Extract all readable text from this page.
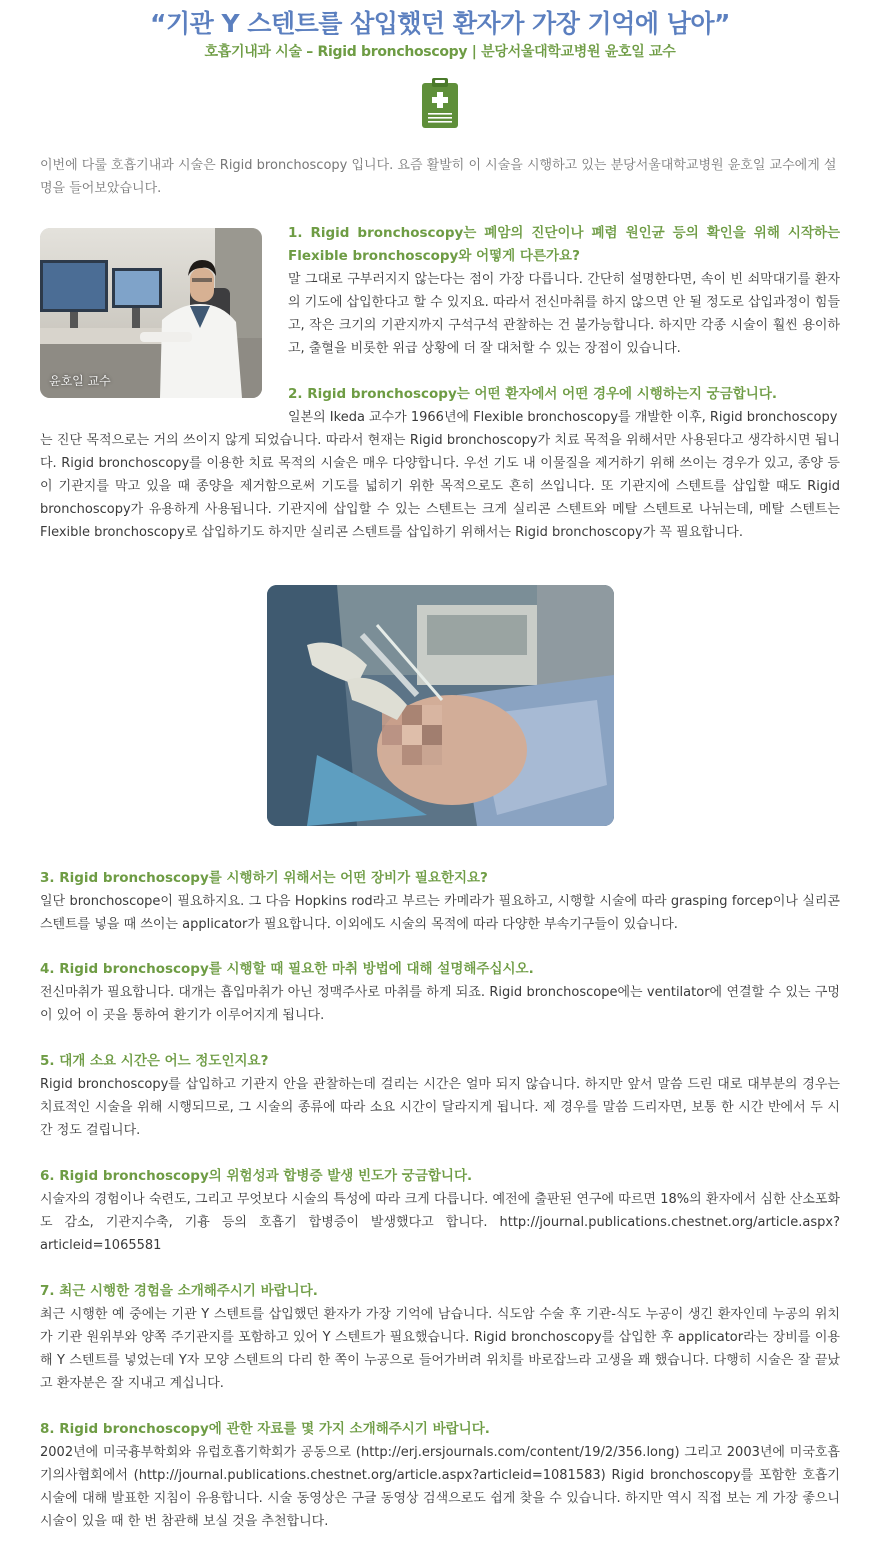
“기관 Y 스텐트를 삽입했던 환자가 가장 기억에 남아”
호흡기내과 시술 – Rigid bronchoscopy | 분당서울대학교병원 윤호일 교수
이번에 다룰 호흡기내과 시술은 Rigid bronchoscopy 입니다. 요즘 활발히 이 시술을 시행하고 있는 분당서울대학교병원 윤호일 교수에게 설명을 들어보았습니다.
윤호일 교수

1. Rigid bronchoscopy는 폐암의 진단이나 폐렴 원인균 등의 확인을 위해 시작하는 Flexible bronchoscopy와 어떻게 다른가요?

말 그대로 구부러지지 않는다는 점이 가장 다릅니다. 간단히 설명한다면, 속이 빈 쇠막대기를 환자의 기도에 삽입한다고 할 수 있지요. 따라서 전신마취를 하지 않으면 안 될 정도로 삽입과정이 힘들고, 작은 크기의 기관지까지 구석구석 관찰하는 건 불가능합니다. 하지만 각종 시술이 훨씬 용이하고, 출혈을 비롯한 위급 상황에 더 잘 대처할 수 있는 장점이 있습니다.

2. Rigid bronchoscopy는 어떤 환자에서 어떤 경우에 시행하는지 궁금합니다.

일본의 Ikeda 교수가 1966년에 Flexible bronchoscopy를 개발한 이후, Rigid bronchoscopy

는 진단 목적으로는 거의 쓰이지 않게 되었습니다. 따라서 현재는 Rigid bronchoscopy가 치료 목적을 위해서만 사용된다고 생각하시면 됩니다. Rigid bronchoscopy를 이용한 치료 목적의 시술은 매우 다양합니다. 우선 기도 내 이물질을 제거하기 위해 쓰이는 경우가 있고, 종양 등이 기관지를 막고 있을 때 종양을 제거함으로써 기도를 넓히기 위한 목적으로도 흔히 쓰입니다. 또 기관지에 스텐트를 삽입할 때도 Rigid bronchoscopy가 유용하게 사용됩니다. 기관지에 삽입할 수 있는 스텐트는 크게 실리콘 스텐트와 메탈 스텐트로 나뉘는데, 메탈 스텐트는 Flexible bronchoscopy로 삽입하기도 하지만 실리콘 스텐트를 삽입하기 위해서는 Rigid bronchoscopy가 꼭 필요합니다.

3. Rigid bronchoscopy를 시행하기 위해서는 어떤 장비가 필요한지요?

일단 bronchoscope이 필요하지요. 그 다음 Hopkins rod라고 부르는 카메라가 필요하고, 시행할 시술에 따라 grasping forcep이나 실리콘 스텐트를 넣을 때 쓰이는 applicator가 필요합니다. 이외에도 시술의 목적에 따라 다양한 부속기구들이 있습니다.

4. Rigid bronchoscopy를 시행할 때 필요한 마취 방법에 대해 설명해주십시오.

전신마취가 필요합니다. 대개는 흡입마취가 아닌 정맥주사로 마취를 하게 되죠. Rigid bronchoscope에는 ventilator에 연결할 수 있는 구멍이 있어 이 곳을 통하여 환기가 이루어지게 됩니다.

5. 대개 소요 시간은 어느 정도인지요?

Rigid bronchoscopy를 삽입하고 기관지 안을 관찰하는데 걸리는 시간은 얼마 되지 않습니다. 하지만 앞서 말씀 드린 대로 대부분의 경우는 치료적인 시술을 위해 시행되므로, 그 시술의 종류에 따라 소요 시간이 달라지게 됩니다. 제 경우를 말씀 드리자면, 보통 한 시간 반에서 두 시간 정도 걸립니다.

6. Rigid bronchoscopy의 위험성과 합병증 발생 빈도가 궁금합니다.

시술자의 경험이나 숙련도, 그리고 무엇보다 시술의 특성에 따라 크게 다릅니다. 예전에 출판된 연구에 따르면 18%의 환자에서 심한 산소포화도 감소, 기관지수축, 기흉 등의 호흡기 합병증이 발생했다고 합니다. http://journal.publications.chestnet.org/article.aspx?articleid=1065581

7. 최근 시행한 경험을 소개해주시기 바랍니다.

최근 시행한 예 중에는 기관 Y 스텐트를 삽입했던 환자가 가장 기억에 남습니다. 식도암 수술 후 기관-식도 누공이 생긴 환자인데 누공의 위치가 기관 원위부와 양쪽 주기관지를 포함하고 있어 Y 스텐트가 필요했습니다. Rigid bronchoscopy를 삽입한 후 applicator라는 장비를 이용해 Y 스텐트를 넣었는데 Y자 모양 스텐트의 다리 한 쪽이 누공으로 들어가버려 위치를 바로잡느라 고생을 꽤 했습니다. 다행히 시술은 잘 끝났고 환자분은 잘 지내고 계십니다.

8. Rigid bronchoscopy에 관한 자료를 몇 가지 소개해주시기 바랍니다.

2002년에 미국흉부학회와 유럽호흡기학회가 공동으로 (http://erj.ersjournals.com/content/19/2/356.long) 그리고 2003년에 미국호흡기의사협회에서 (http://journal.publications.chestnet.org/article.aspx?articleid=1081583) Rigid bronchoscopy를 포함한 호흡기 시술에 대해 발표한 지침이 유용합니다. 시술 동영상은 구글 동영상 검색으로도 쉽게 찾을 수 있습니다. 하지만 역시 직접 보는 게 가장 좋으니 시술이 있을 때 한 번 참관해 보실 것을 추천합니다.
